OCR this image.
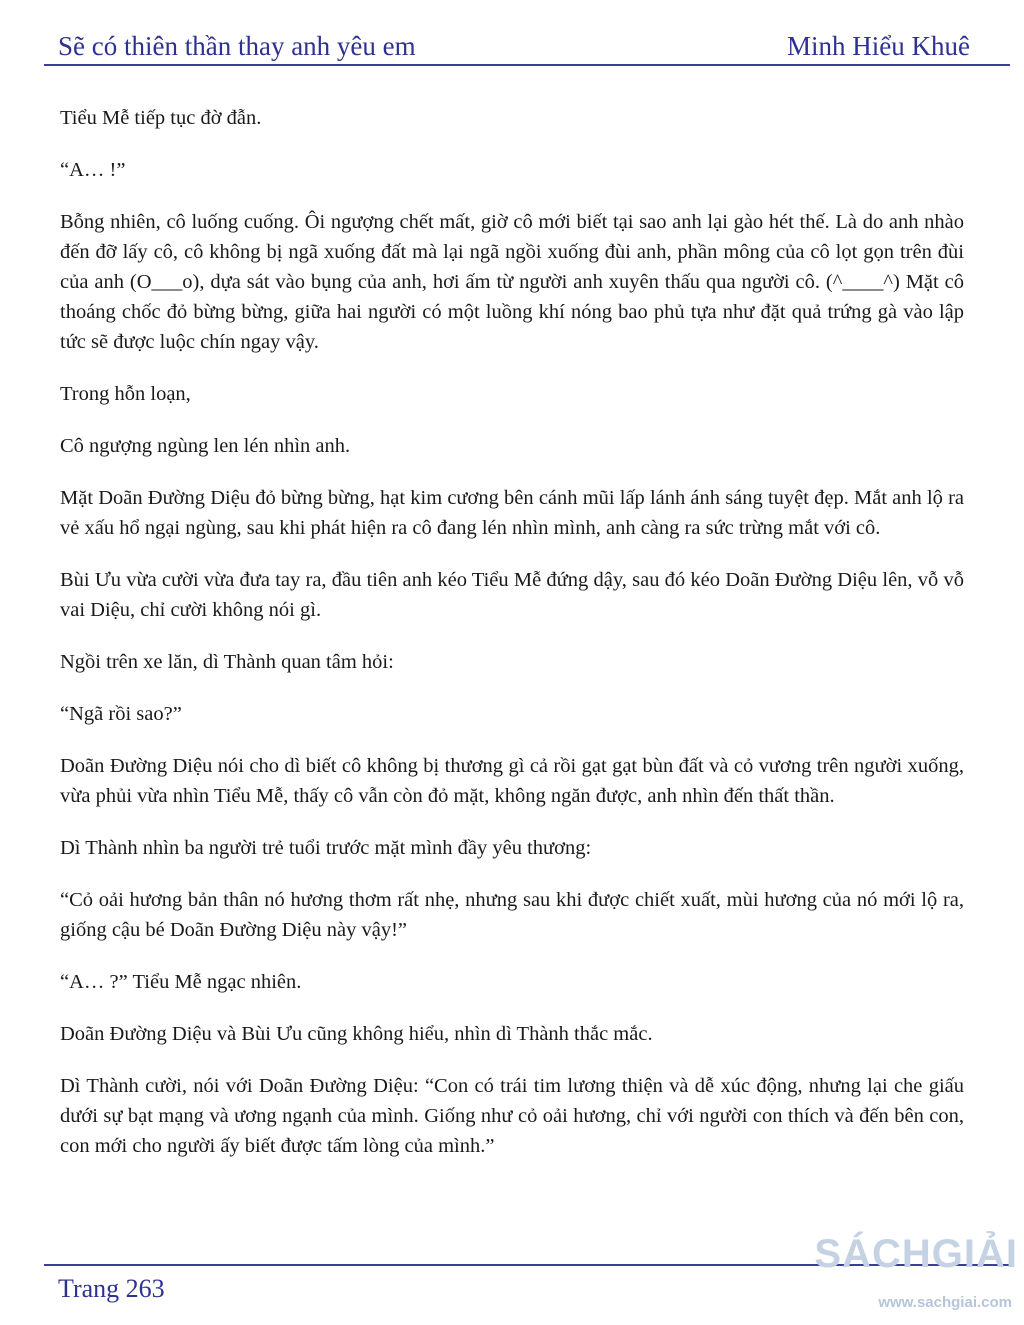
Sẽ có thiên thần thay anh yêu em	Minh Hiểu Khuê

Tiểu Mễ tiếp tục đờ đẫn.

“A… !”

Bỗng nhiên, cô luống cuống. Ôi ngượng chết mất, giờ cô mới biết tại sao anh lại gào hét thế. Là do anh nhào đến đỡ lấy cô, cô không bị ngã xuống đất mà lại ngã ngồi xuống đùi anh, phần mông của cô lọt gọn trên đùi của anh (O___o), dựa sát vào bụng của anh, hơi ấm từ người anh xuyên thấu qua người cô. (^____^) Mặt cô thoáng chốc đỏ bừng bừng, giữa hai người có một luồng khí nóng bao phủ tựa như đặt quả trứng gà vào lập tức sẽ được luộc chín ngay vậy.

Trong hỗn loạn,

Cô ngượng ngùng len lén nhìn anh.

Mặt Doãn Đường Diệu đỏ bừng bừng, hạt kim cương bên cánh mũi lấp lánh ánh sáng tuyệt đẹp. Mắt anh lộ ra vẻ xấu hổ ngại ngùng, sau khi phát hiện ra cô đang lén nhìn mình, anh càng ra sức trừng mắt với cô.

Bùi Ưu vừa cười vừa đưa tay ra, đầu tiên anh kéo Tiểu Mễ đứng dậy, sau đó kéo Doãn Đường Diệu lên, vỗ vỗ vai Diệu, chỉ cười không nói gì.

Ngồi trên xe lăn, dì Thành quan tâm hỏi:

“Ngã rồi sao?”

Doãn Đường Diệu nói cho dì biết cô không bị thương gì cả rồi gạt gạt bùn đất và cỏ vương trên người xuống, vừa phủi vừa nhìn Tiểu Mễ, thấy cô vẫn còn đỏ mặt, không ngăn được, anh nhìn đến thất thần.

Dì Thành nhìn ba người trẻ tuổi trước mặt mình đầy yêu thương:

“Cỏ oải hương bản thân nó hương thơm rất nhẹ, nhưng sau khi được chiết xuất, mùi hương của nó mới lộ ra, giống cậu bé Doãn Đường Diệu này vậy!”

“A… ?” Tiểu Mễ ngạc nhiên.

Doãn Đường Diệu và Bùi Ưu cũng không hiểu, nhìn dì Thành thắc mắc.

Dì Thành cười, nói với Doãn Đường Diệu: “Con có trái tim lương thiện và dễ xúc động, nhưng lại che giấu dưới sự bạt mạng và ương ngạnh của mình. Giống như cỏ oải hương, chỉ với người con thích và đến bên con, con mới cho người ấy biết được tấm lòng của mình.”

Trang 263
SÁCHGIẢI
www.sachgiai.com
